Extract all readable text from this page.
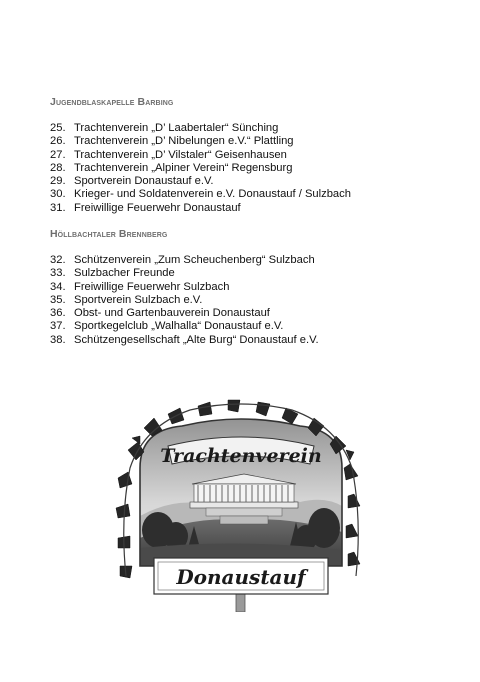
Jugendblaskapelle Barbing
25. Trachtenverein „D’ Laabertaler“ Sünching
26. Trachtenverein „D’ Nibelungen e.V.“ Plattling
27. Trachtenverein „D’ Vilstaler“ Geisenhausen
28. Trachtenverein „Alpiner Verein“ Regensburg
29. Sportverein Donaustauf e.V.
30. Krieger- und Soldatenverein e.V. Donaustauf / Sulzbach
31. Freiwillige Feuerwehr Donaustauf
Höllbachtaler Brennberg
32. Schützenverein „Zum Scheuchenberg“ Sulzbach
33. Sulzbacher Freunde
34. Freiwillige Feuerwehr Sulzbach
35. Sportverein Sulzbach e.V.
36. Obst- und Gartenbauverein Donaustauf
37. Sportkegelclub „Walhalla“ Donaustauf e.V.
38. Schützengesellschaft „Alte Burg“ Donaustauf e.V.
Trachtenverein
Donaustauf
